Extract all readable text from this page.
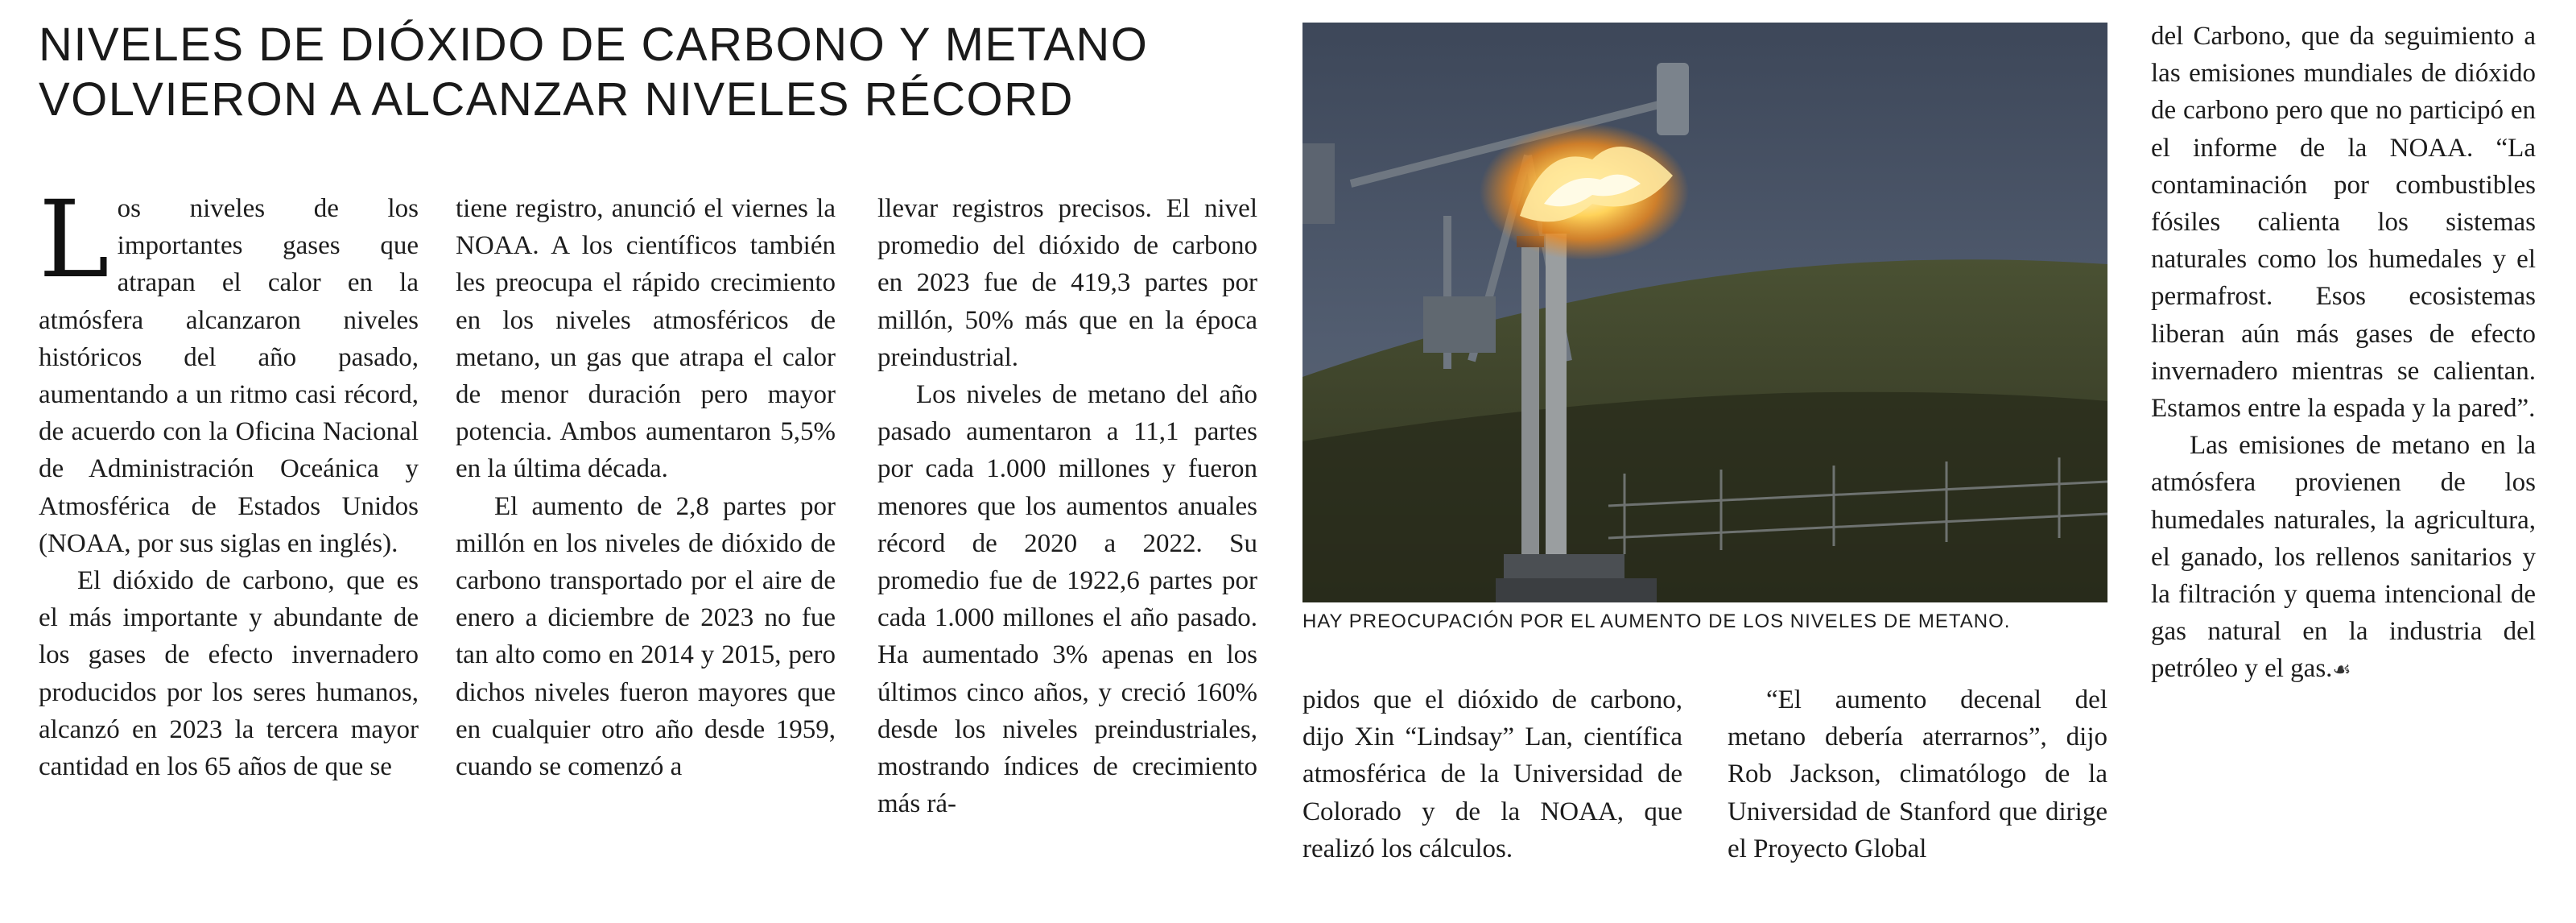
NIVELES DE DIÓXIDO DE CARBONO Y METANO
VOLVIERON A ALCANZAR NIVELES RÉCORD

Los niveles de los importantes gases que atrapan el calor en la atmósfera alcanzaron niveles históricos del año pasado, aumentando a un ritmo casi récord, de acuerdo con la Oficina Nacional de Administración Oceánica y Atmosférica de Estados Unidos (NOAA, por sus siglas en inglés).

El dióxido de carbono, que es el más importante y abundante de los gases de efecto invernadero producidos por los seres humanos, alcanzó en 2023 la tercera mayor cantidad en los 65 años de que se

tiene registro, anunció el viernes la NOAA. A los científicos también les preocupa el rápido crecimiento en los niveles atmosféricos de metano, un gas que atrapa el calor de menor duración pero mayor potencia. Ambos aumentaron 5,5% en la última década.

El aumento de 2,8 partes por millón en los niveles de dióxido de carbono transportado por el aire de enero a diciembre de 2023 no fue tan alto como en 2014 y 2015, pero dichos niveles fueron mayores que en cualquier otro año desde 1959, cuando se comenzó a

llevar registros precisos. El nivel promedio del dióxido de carbono en 2023 fue de 419,3 partes por millón, 50% más que en la época preindustrial.

Los niveles de metano del año pasado aumentaron a 11,1 partes por cada 1.000 millones y fueron menores que los aumentos anuales récord de 2020 a 2022. Su promedio fue de 1922,6 partes por cada 1.000 millones el año pasado. Ha aumentado 3% apenas en los últimos cinco años, y creció 160% desde los niveles preindustriales, mostrando índices de crecimiento más rá-

HAY PREOCUPACIÓN POR EL AUMENTO DE LOS NIVELES DE METANO.

pidos que el dióxido de carbono, dijo Xin “Lindsay” Lan, científica atmosférica de la Universidad de Colorado y de la NOAA, que realizó los cálculos.

“El aumento decenal del metano debería aterrarnos”, dijo Rob Jackson, climatólogo de la Universidad de Stanford que dirige el Proyecto Global

del Carbono, que da seguimiento a las emisiones mundiales de dióxido de carbono pero que no participó en el informe de la NOAA. “La contaminación por combustibles fósiles calienta los sistemas naturales como los humedales y el permafrost. Esos ecosistemas liberan aún más gases de efecto invernadero mientras se calientan. Estamos entre la espada y la pared”.

Las emisiones de metano en la atmósfera provienen de los humedales naturales, la agricultura, el ganado, los rellenos sanitarios y la filtración y quema intencional de gas natural en la industria del petróleo y el gas.☙
